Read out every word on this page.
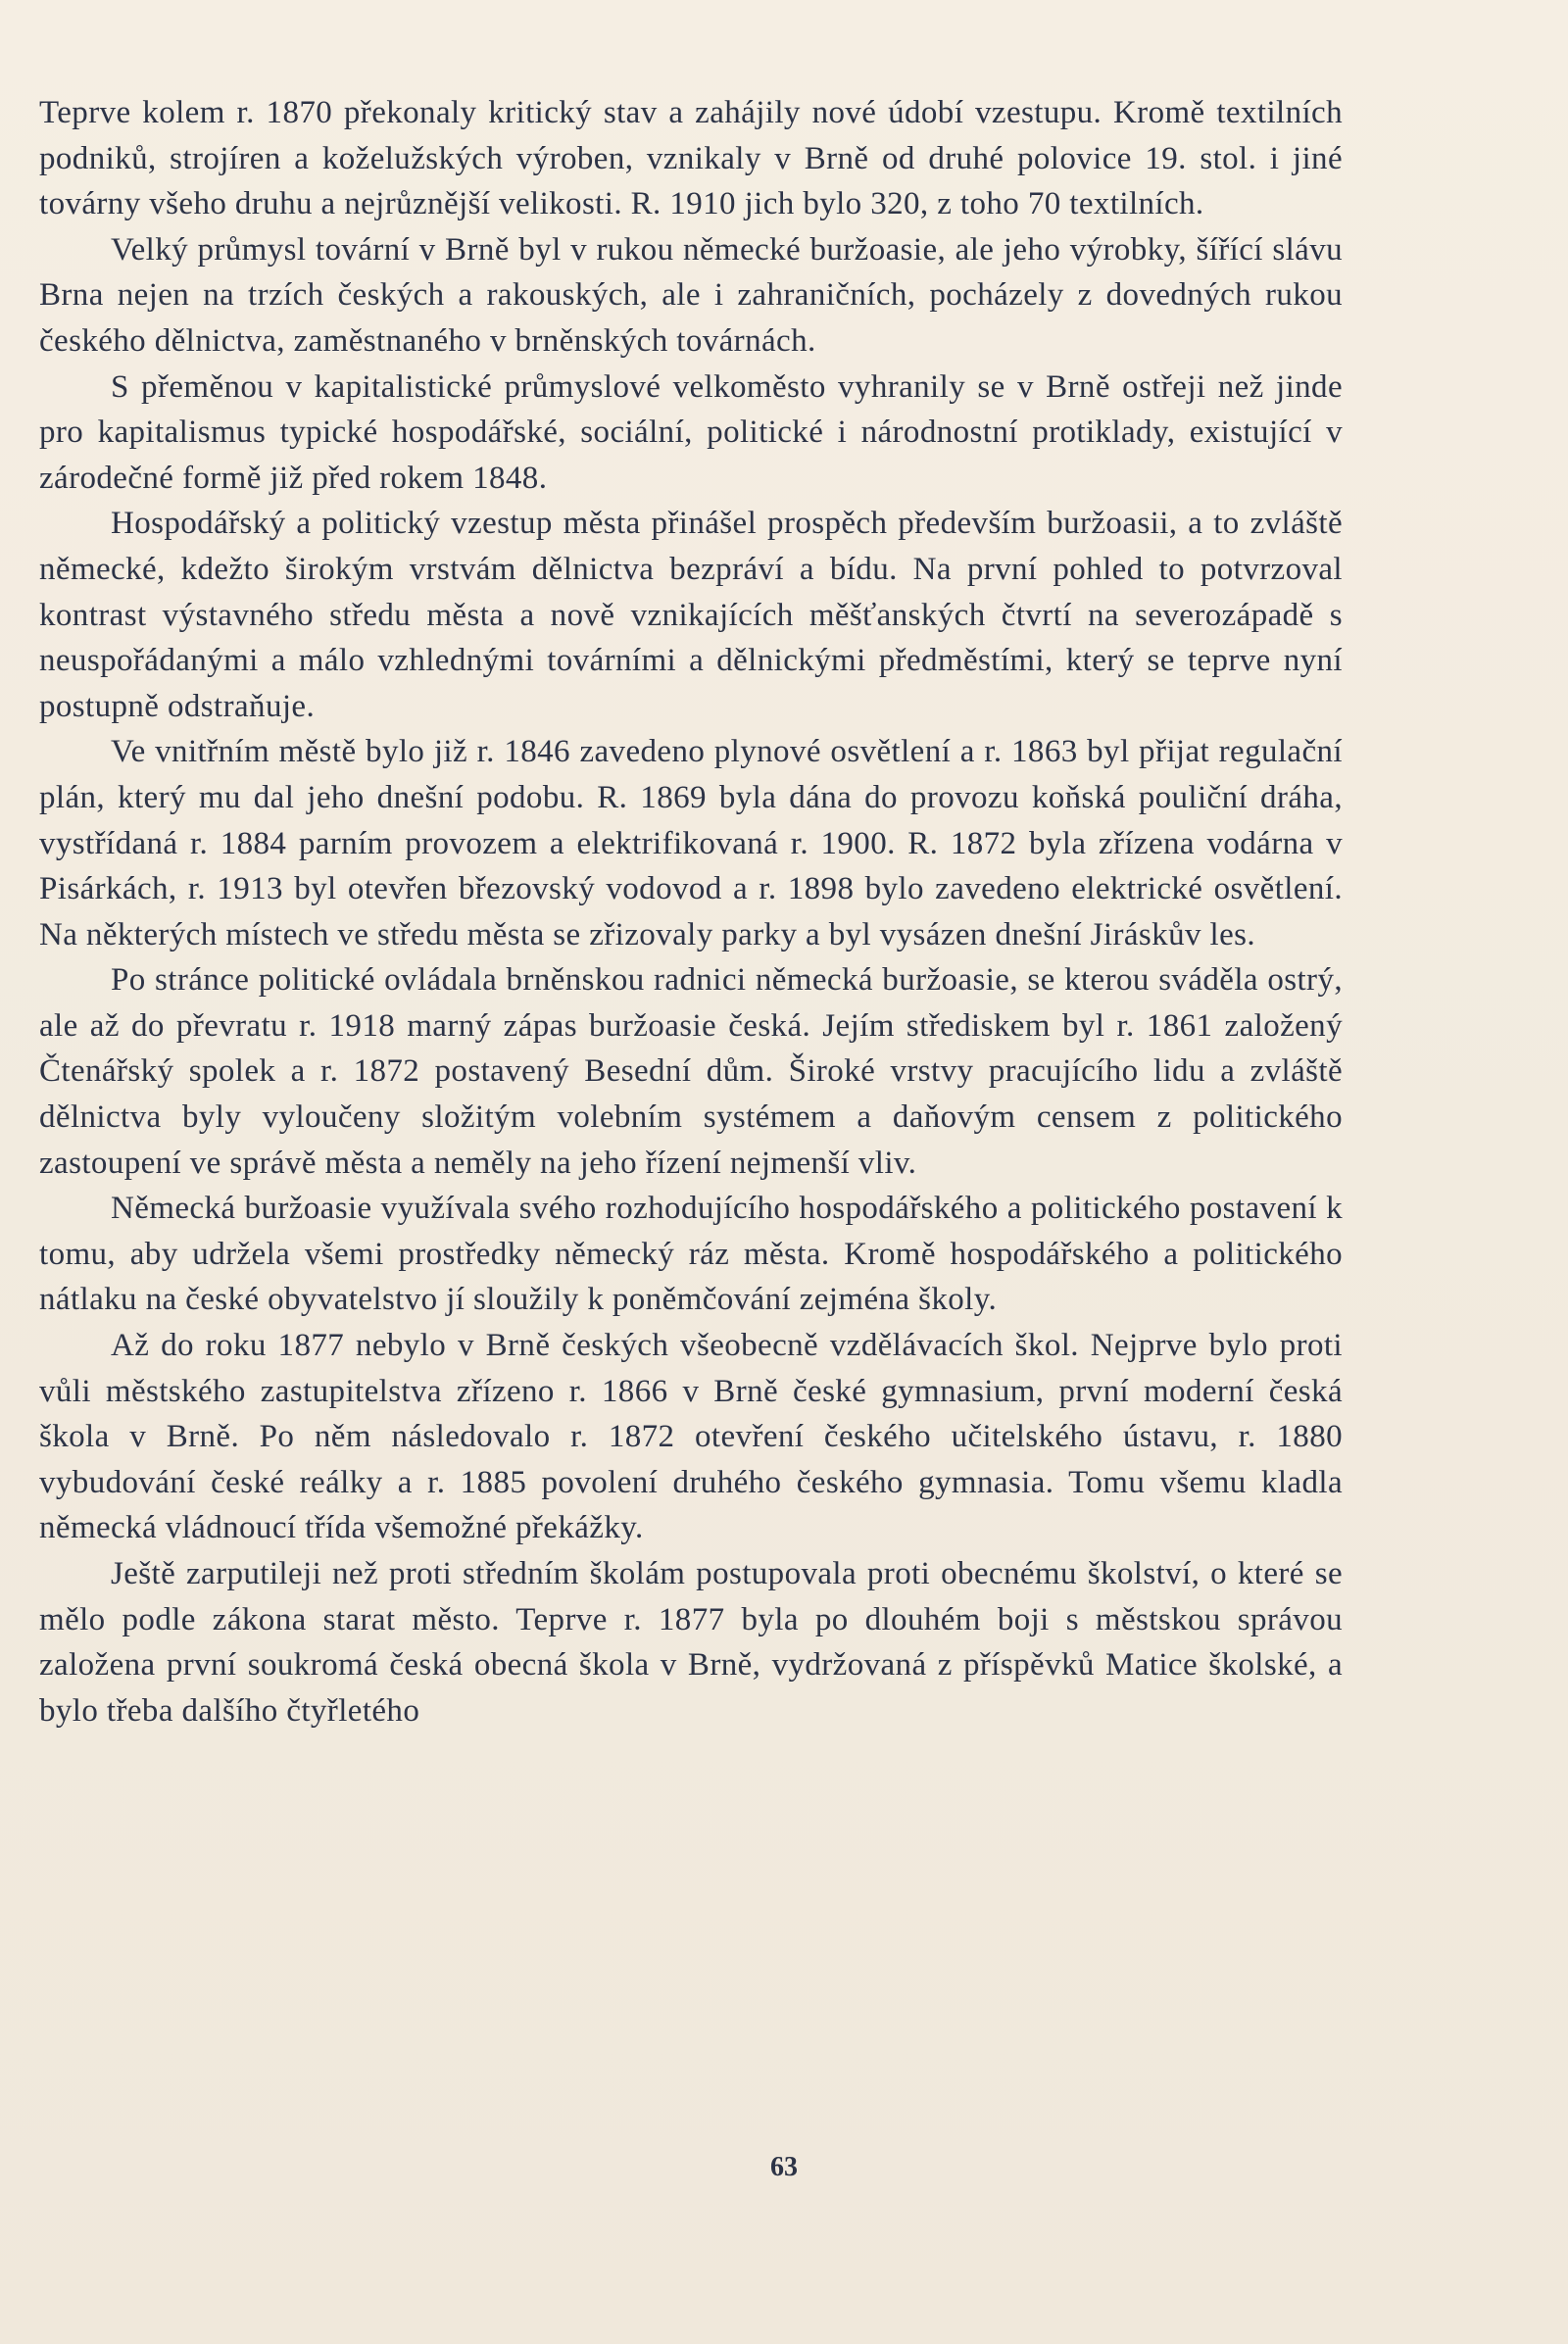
Teprve kolem r. 1870 překonaly kritický stav a zahájily nové údobí vzestupu. Kromě textilních podniků, strojíren a koželužských výroben, vznikaly v Brně od druhé polovice 19. stol. i jiné továrny všeho druhu a nejrůznější velikosti. R. 1910 jich bylo 320, z toho 70 textilních.

Velký průmysl tovární v Brně byl v rukou německé buržoasie, ale jeho výrobky, šířící slávu Brna nejen na trzích českých a rakouských, ale i zahraničních, pocházely z dovedných rukou českého dělnictva, zaměstnaného v brněnských továrnách.

S přeměnou v kapitalistické průmyslové velkoměsto vyhranily se v Brně ostřeji než jinde pro kapitalismus typické hospodářské, sociální, politické i národnostní protiklady, existující v zárodečné formě již před rokem 1848.

Hospodářský a politický vzestup města přinášel prospěch především buržoasii, a to zvláště německé, kdežto širokým vrstvám dělnictva bezpráví a bídu. Na první pohled to potvrzoval kontrast výstavného středu města a nově vznikajících měšťanských čtvrtí na severozápadě s neuspořádanými a málo vzhlednými továrními a dělnickými předměstími, který se teprve nyní postupně odstraňuje.

Ve vnitřním městě bylo již r. 1846 zavedeno plynové osvětlení a r. 1863 byl přijat regulační plán, který mu dal jeho dnešní podobu. R. 1869 byla dána do provozu koňská pouliční dráha, vystřídaná r. 1884 parním provozem a elektrifikovaná r. 1900. R. 1872 byla zřízena vodárna v Pisárkách, r. 1913 byl otevřen březovský vodovod a r. 1898 bylo zavedeno elektrické osvětlení. Na některých místech ve středu města se zřizovaly parky a byl vysázen dnešní Jiráskův les.

Po stránce politické ovládala brněnskou radnici německá buržoasie, se kterou sváděla ostrý, ale až do převratu r. 1918 marný zápas buržoasie česká. Jejím střediskem byl r. 1861 založený Čtenářský spolek a r. 1872 postavený Besední dům. Široké vrstvy pracujícího lidu a zvláště dělnictva byly vyloučeny složitým volebním systémem a daňovým censem z politického zastoupení ve správě města a neměly na jeho řízení nejmenší vliv.

Německá buržoasie využívala svého rozhodujícího hospodářského a politického postavení k tomu, aby udržela všemi prostředky německý ráz města. Kromě hospodářského a politického nátlaku na české obyvatelstvo jí sloužily k poněmčování zejména školy.

Až do roku 1877 nebylo v Brně českých všeobecně vzdělávacích škol. Nejprve bylo proti vůli městského zastupitelstva zřízeno r. 1866 v Brně české gymnasium, první moderní česká škola v Brně. Po něm následovalo r. 1872 otevření českého učitelského ústavu, r. 1880 vybudování české reálky a r. 1885 povolení druhého českého gymnasia. Tomu všemu kladla německá vládnoucí třída všemožné překážky.

Ještě zarputileji než proti středním školám postupovala proti obecnému školství, o které se mělo podle zákona starat město. Teprve r. 1877 byla po dlouhém boji s městskou správou založena první soukromá česká obecná škola v Brně, vydržovaná z příspěvků Matice školské, a bylo třeba dalšího čtyřletého

63
